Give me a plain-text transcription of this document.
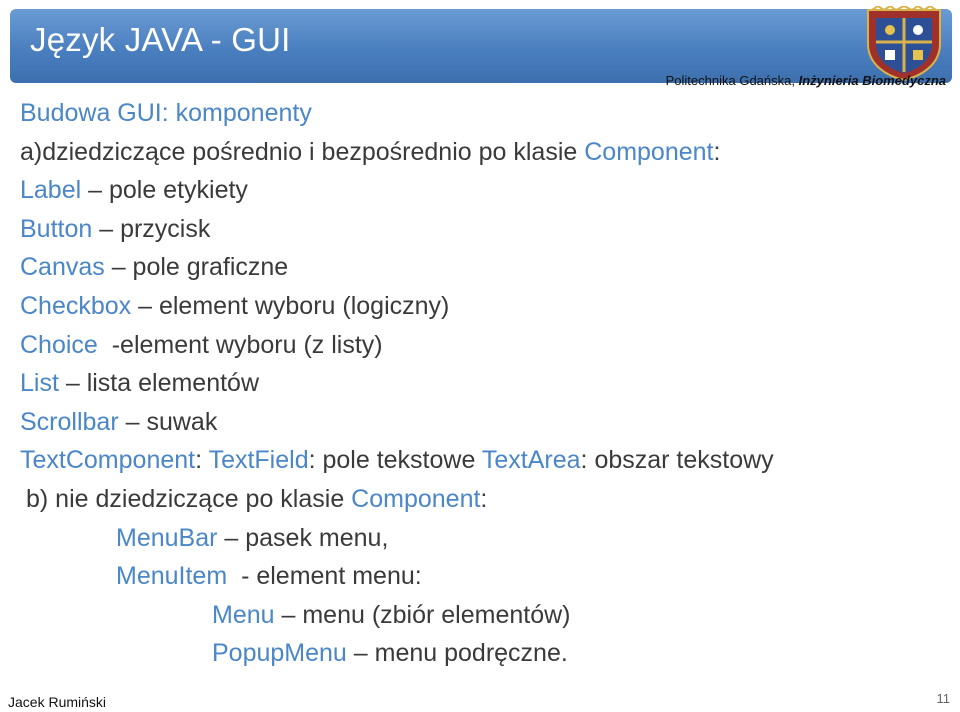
Język JAVA - GUI
Politechnika Gdańska, Inżynieria Biomedyczna
Budowa GUI: komponenty
a)dziedziczące pośrednio i bezpośrednio po klasie Component:
Label – pole etykiety
Button – przycisk
Canvas – pole graficzne
Checkbox – element wyboru (logiczny)
Choice  -element wyboru (z listy)
List – lista elementów
Scrollbar – suwak
TextComponent: TextField: pole tekstowe TextArea: obszar tekstowy
b) nie dziedziczące po klasie Component:
MenuBar – pasek menu,
MenuItem  - element menu:
Menu – menu (zbiór elementów)
PopupMenu – menu podręczne.
Jacek Rumiński	11
